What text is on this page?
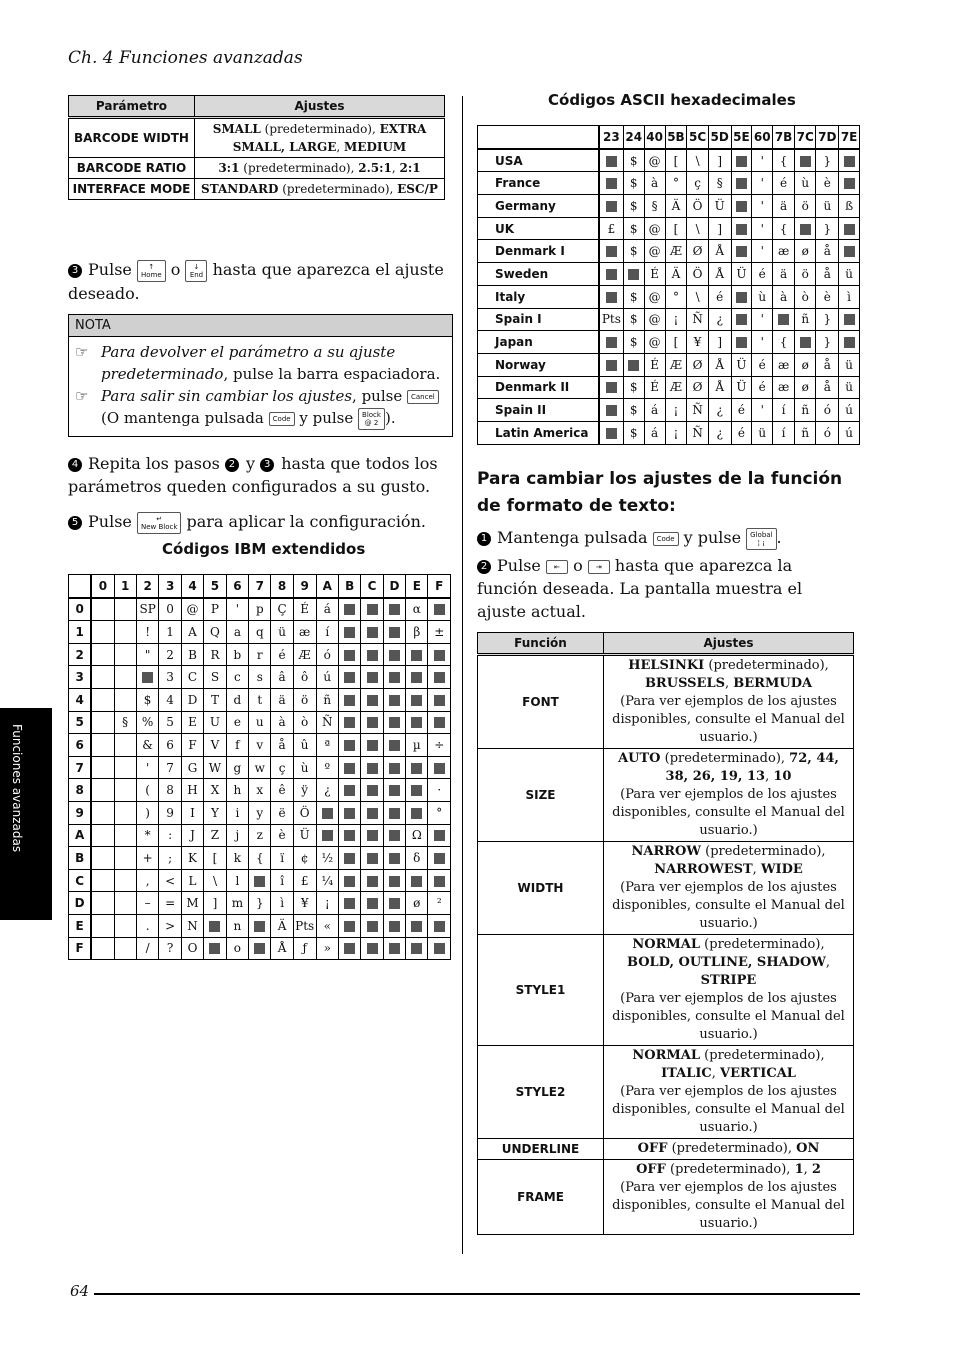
Ch. 4 Funciones avanzadas
Funciones avanzadas
Parámetro	Ajustes
BARCODE WIDTH	SMALL (predeterminado), EXTRA SMALL, LARGE, MEDIUM
BARCODE RATIO	3:1 (predeterminado), 2.5:1, 2:1
INTERFACE MODE	STANDARD (predeterminado), ESC/P
3 Pulse ↑
Home o ↓
End hasta que aparezca el ajuste deseado.
NOTA
☞ Para devolver el parámetro a su ajuste predeterminado, pulse la barra espaciadora.
☞ Para salir sin cambiar los ajustes, pulse Cancel (O mantenga pulsada Code y pulse Block
@ 2 ).
4 Repita los pasos 2 y 3 hasta que todos los parámetros queden configurados a su gusto.
5 Pulse	↵
New Block para aplicar la configuración.
Códigos IBM extendidos
	0	1	2	3	4	5	6	7	8	9	A	B	C	D	E	F
0			SP	0	@	P	'	p	Ç	É	á				α	
1			!	1	A	Q	a	q	ü	æ	í				β	±
2			"	2	B	R	b	r	é	Æ	ó					
3				3	C	S	c	s	â	ô	ú					
4			$	4	D	T	d	t	ä	ö	ñ					
5		§	%	5	E	U	e	u	à	ò	Ñ					
6			&	6	F	V	f	v	å	û	ª				µ	÷
7			'	7	G	W	g	w	ç	ù	º					
8			(	8	H	X	h	x	ê	ÿ	¿					·
9			)	9	I	Y	i	y	ë	Ö						°
A			*	:	J	Z	j	z	è	Ü					Ω	
B			+	;	K	[	k	{	ï	¢	½				δ	
C			,	<	L	\	l		î	£	¼					
D			–	=	M	]	m	}	ì	¥	¡				ø	²
E			.	>	N		n		Ä	Pts	«					
F			/	?	O		o		Å	ƒ	»					
Códigos ASCII hexadecimales
	23	24	40	5B	5C	5D	5E	60	7B	7C	7D	7E
USA		$	@	[	\	]		'	{		}	
France		$	à	°	ç	§		'	é	ù	è	
Germany		$	§	Ä	Ö	Ü		'	ä	ö	ü	ß
UK	£	$	@	[	\	]		'	{		}	
Denmark I		$	@	Æ	Ø	Å		'	æ	ø	å	
Sweden			É	Ä	Ö	Å	Ü	é	ä	ö	å	ü
Italy		$	@	°	\	é		ù	à	ò	è	ì
Spain I	Pts	$	@	¡	Ñ	¿		'		ñ	}	
Japan		$	@	[	¥	]		'	{		}	
Norway			É	Æ	Ø	Å	Ü	é	æ	ø	å	ü
Denmark II		$	É	Æ	Ø	Å	Ü	é	æ	ø	å	ü
Spain II		$	á	¡	Ñ	¿	é	'	í	ñ	ó	ú
Latin America		$	á	¡	Ñ	¿	é	ü	í	ñ	ó	ú
Para cambiar los ajustes de la función de formato de texto:
1 Mantenga pulsada Code y pulse Global
¦ ¡ .
2 Pulse ⇤ o ⇥ hasta que aparezca la función deseada. La pantalla muestra el ajuste actual.
Función	Ajustes
FONT	HELSINKI (predeterminado), BRUSSELS, BERMUDA
(Para ver ejemplos de los ajustes disponibles, consulte el Manual del usuario.)
SIZE	AUTO (predeterminado), 72, 44, 38, 26, 19, 13, 10
(Para ver ejemplos de los ajustes disponibles, consulte el Manual del usuario.)
WIDTH	NARROW (predeterminado), NARROWEST, WIDE
(Para ver ejemplos de los ajustes disponibles, consulte el Manual del usuario.)
STYLE1	NORMAL (predeterminado), BOLD, OUTLINE, SHADOW, STRIPE
(Para ver ejemplos de los ajustes disponibles, consulte el Manual del usuario.)
STYLE2	NORMAL (predeterminado), ITALIC, VERTICAL
(Para ver ejemplos de los ajustes disponibles, consulte el Manual del usuario.)
UNDERLINE	OFF (predeterminado), ON
FRAME	OFF (predeterminado), 1, 2
(Para ver ejemplos de los ajustes disponibles, consulte el Manual del usuario.)
64
